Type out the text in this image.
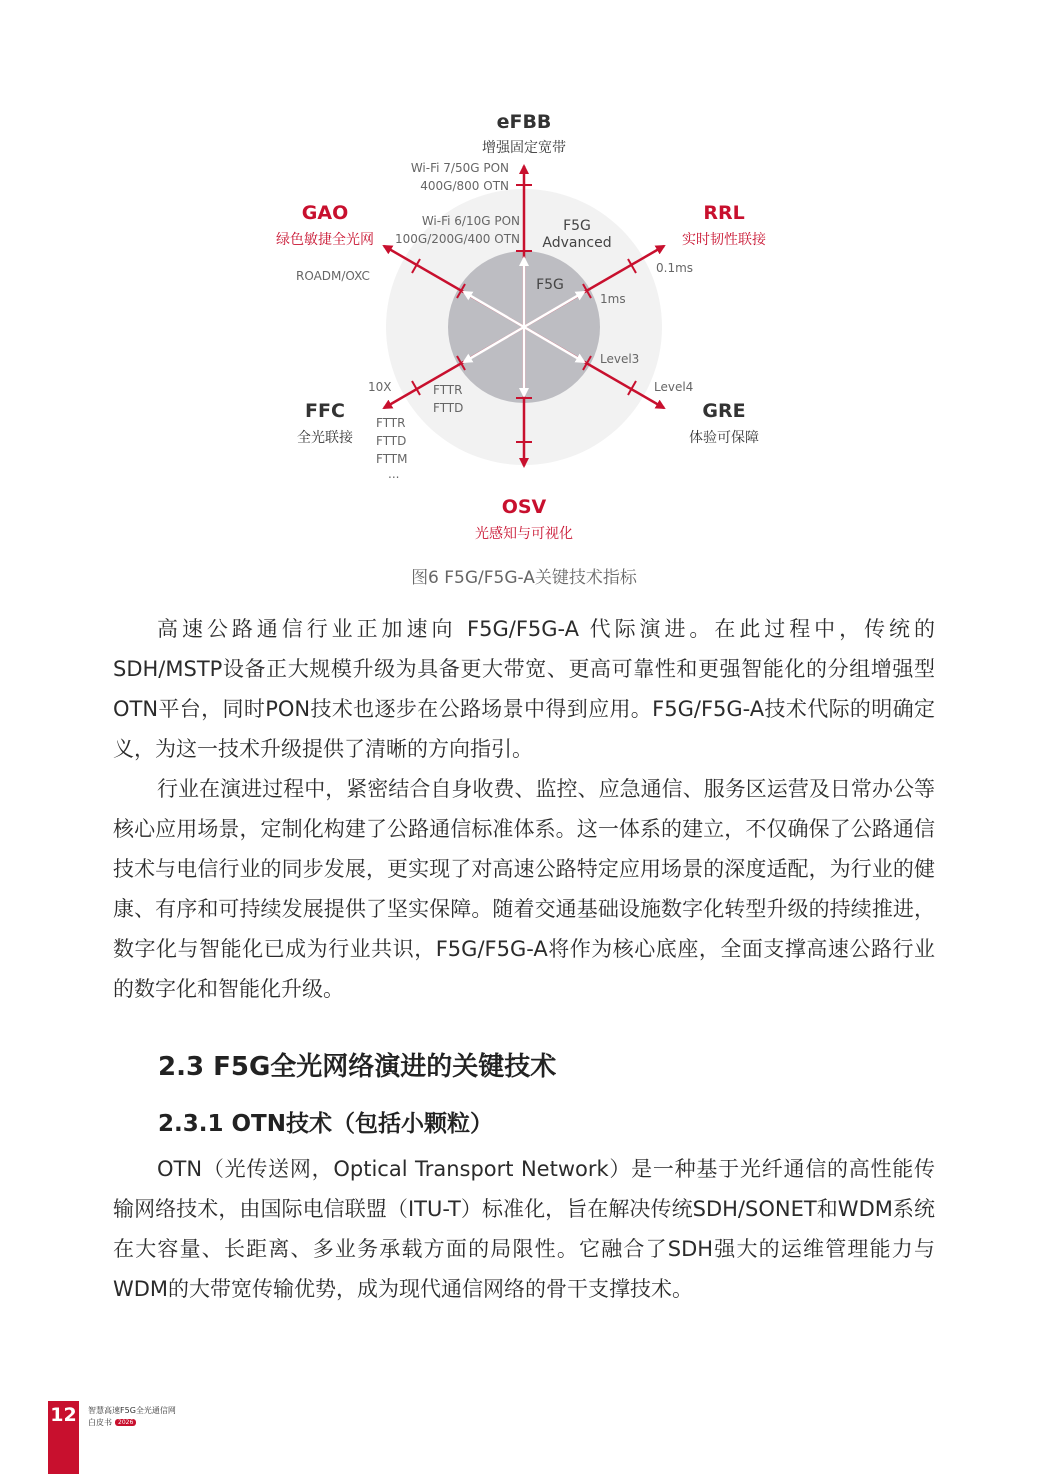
eFBB
增强固定宽带
Wi-Fi 7/50G PON
400G/800 OTN
Wi-Fi 6/10G PON
100G/200G/400 OTN
F5G
Advanced
F5G
RRL
实时韧性联接
0.1ms
1ms
GRE
体验可保障
Level4
Level3
OSV
光感知与可视化
FFC
全光联接
10X	FTTR
FTTD
FTTR
FTTD
FTTM
...
GAO
绿色敏捷全光网
ROADM/OXC
图6 F5G/F5G-A关键技术指标

高速公路通信行业正加速向 F5G/F5G-A 代际演进。在此过程中，传统的SDH/MSTP设备正大规模升级为具备更大带宽、更高可靠性和更强智能化的分组增强型OTN平台，同时PON技术也逐步在公路场景中得到应用。F5G/F5G-A技术代际的明确定义，为这一技术升级提供了清晰的方向指引。

行业在演进过程中，紧密结合自身收费、监控、应急通信、服务区运营及日常办公等核心应用场景，定制化构建了公路通信标准体系。这一体系的建立，不仅确保了公路通信技术与电信行业的同步发展，更实现了对高速公路特定应用场景的深度适配，为行业的健康、有序和可持续发展提供了坚实保障。随着交通基础设施数字化转型升级的持续推进，数字化与智能化已成为行业共识，F5G/F5G-A将作为核心底座，全面支撑高速公路行业的数字化和智能化升级。

2.3 F5G全光网络演进的关键技术
2.3.1 OTN技术（包括小颗粒）

OTN（光传送网，Optical Transport Network）是一种基于光纤通信的高性能传输网络技术，由国际电信联盟（ITU-T）标准化，旨在解决传统SDH/SONET和WDM系统在大容量、长距离、多业务承载方面的局限性。它融合了SDH强大的运维管理能力与WDM的大带宽传输优势，成为现代通信网络的骨干支撑技术。

12 智慧高速F5G全光通信网
白皮书 2026
